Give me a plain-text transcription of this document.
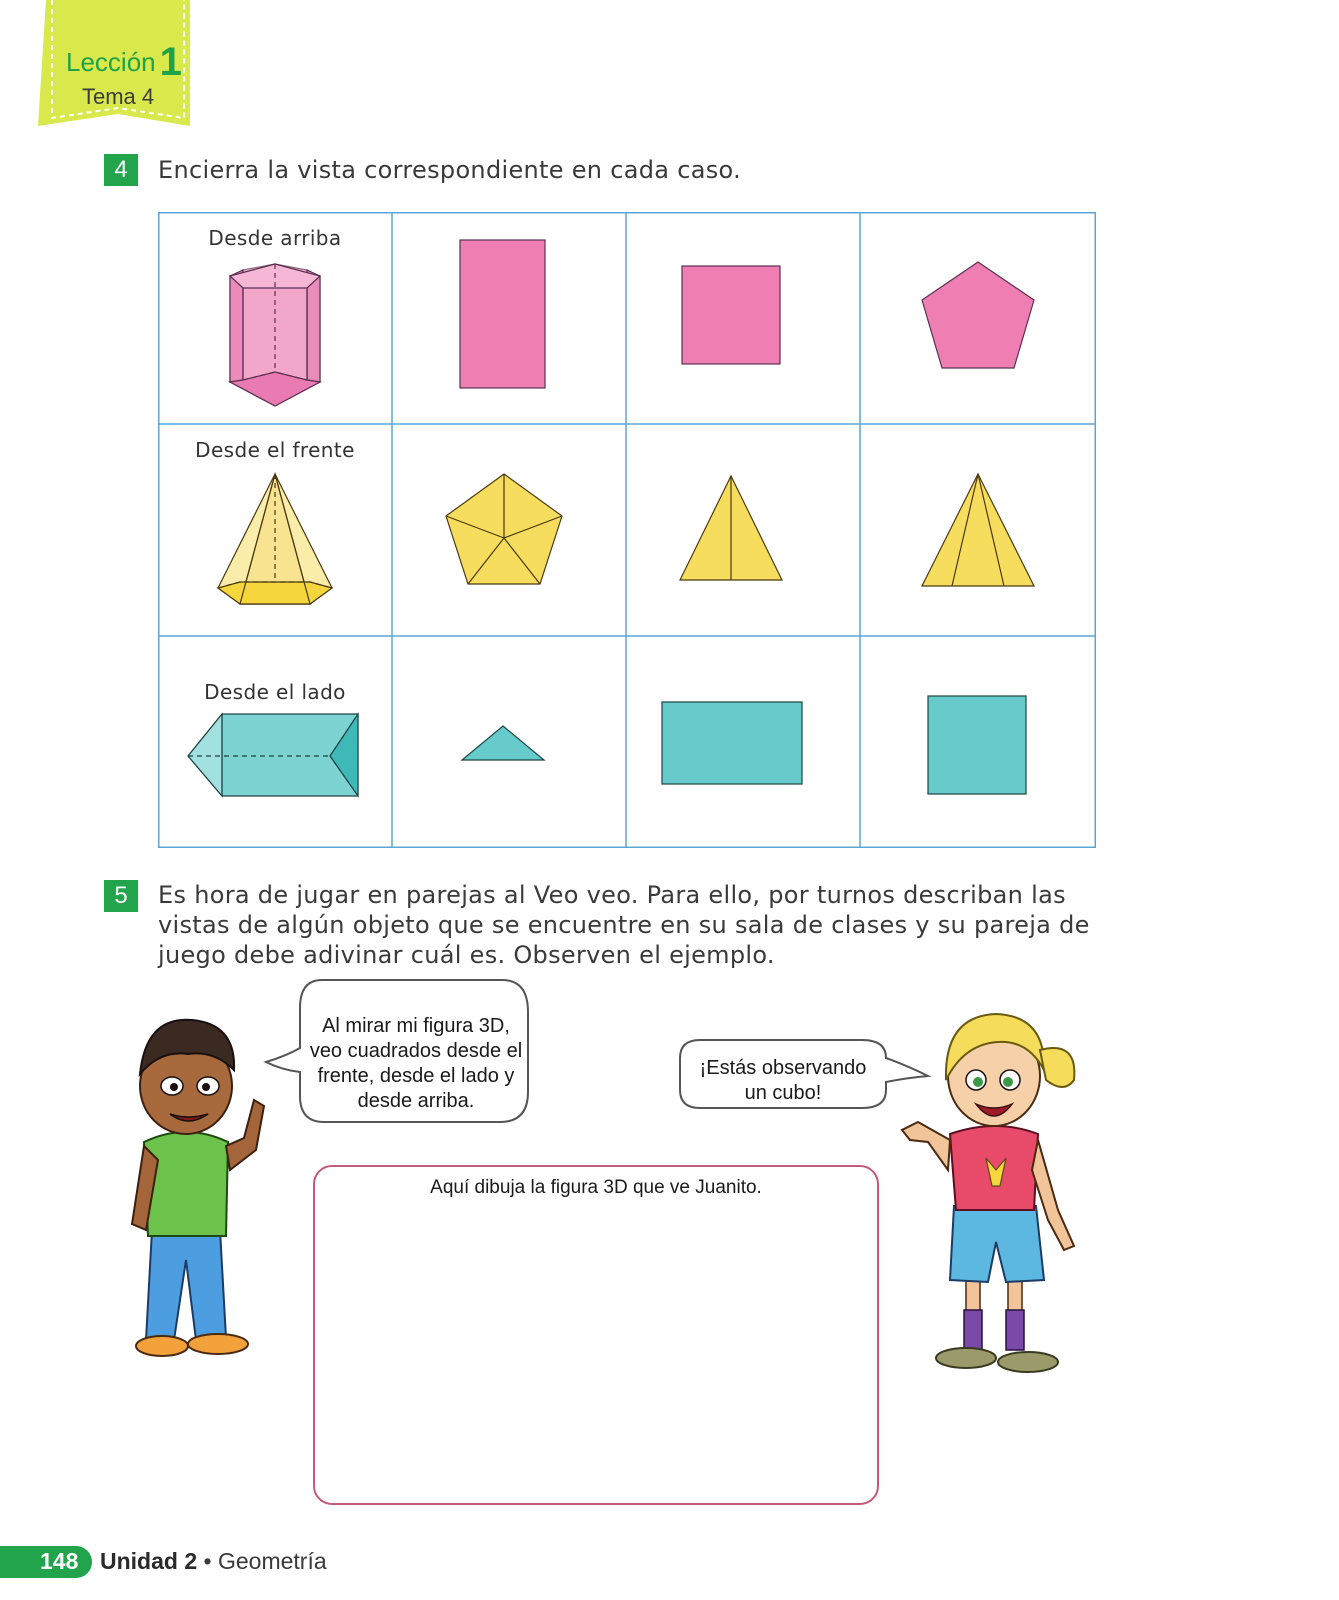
Lección 1
Tema 4
4	Encierra la vista correspondiente en cada caso.
Desde arriba
Desde el frente
Desde el lado
5	Es hora de jugar en parejas al Veo veo. Para ello, por turnos describan las
vistas de algún objeto que se encuentre en su sala de clases y su pareja de
juego debe adivinar cuál es. Observen el ejemplo.
Al mirar mi figura 3D,
veo cuadrados desde el
frente, desde el lado y
desde arriba.
¡Estás observando
un cubo!
Aquí dibuja la figura 3D que ve Juanito.
148 Unidad 2 • Geometría
